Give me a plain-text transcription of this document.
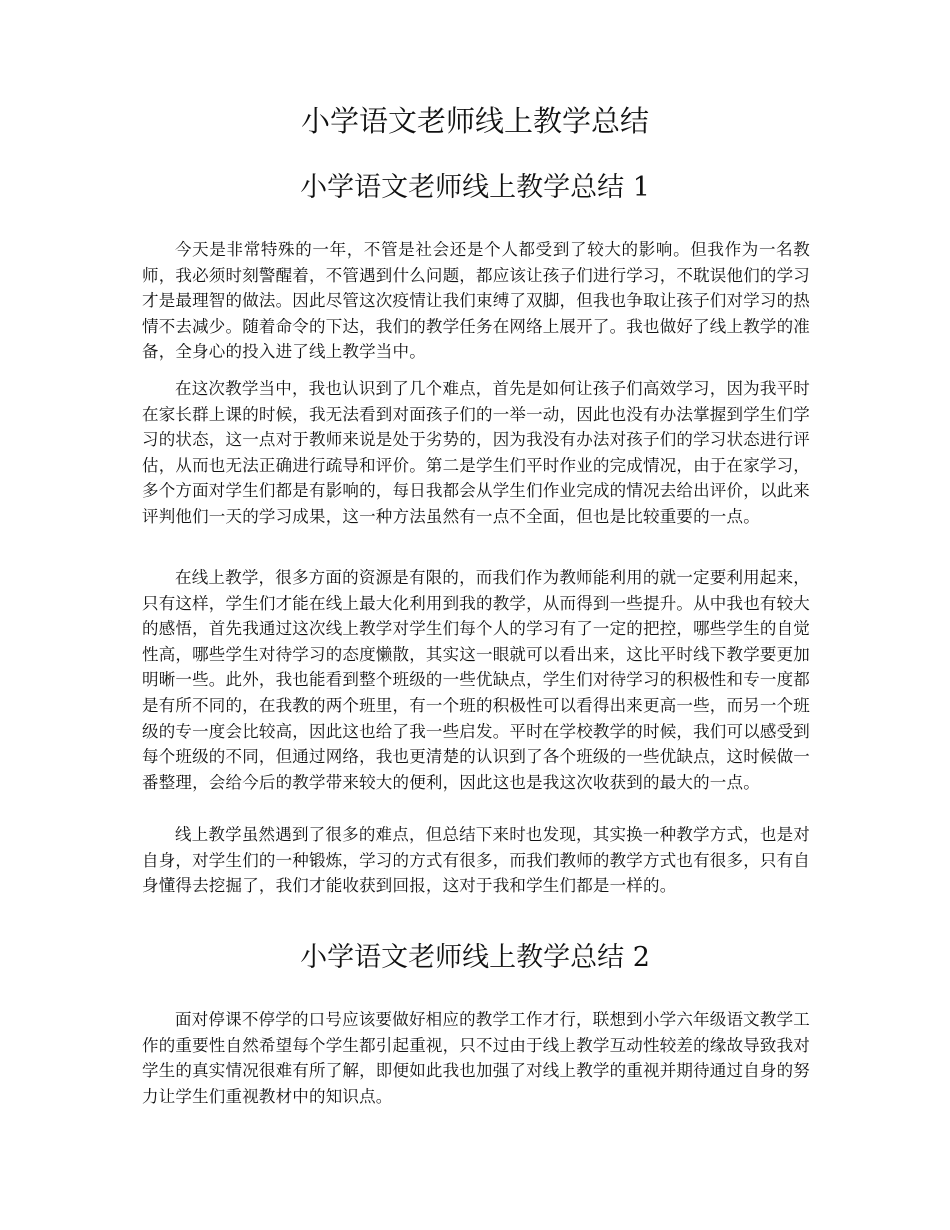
小学语文老师线上教学总结
小学语文老师线上教学总结 1

今天是非常特殊的一年，不管是社会还是个人都受到了较大的影响。但我作为一名教师，我必须时刻警醒着，不管遇到什么问题，都应该让孩子们进行学习，不耽误他们的学习才是最理智的做法。因此尽管这次疫情让我们束缚了双脚，但我也争取让孩子们对学习的热情不去减少。随着命令的下达，我们的教学任务在网络上展开了。我也做好了线上教学的准备，全身心的投入进了线上教学当中。

在这次教学当中，我也认识到了几个难点，首先是如何让孩子们高效学习，因为我平时在家长群上课的时候，我无法看到对面孩子们的一举一动，因此也没有办法掌握到学生们学习的状态，这一点对于教师来说是处于劣势的，因为我没有办法对孩子们的学习状态进行评估，从而也无法正确进行疏导和评价。第二是学生们平时作业的完成情况，由于在家学习，多个方面对学生们都是有影响的，每日我都会从学生们作业完成的情况去给出评价，以此来评判他们一天的学习成果，这一种方法虽然有一点不全面，但也是比较重要的一点。

在线上教学，很多方面的资源是有限的，而我们作为教师能利用的就一定要利用起来，只有这样，学生们才能在线上最大化利用到我的教学，从而得到一些提升。从中我也有较大的感悟，首先我通过这次线上教学对学生们每个人的学习有了一定的把控，哪些学生的自觉性高，哪些学生对待学习的态度懒散，其实这一眼就可以看出来，这比平时线下教学要更加明晰一些。此外，我也能看到整个班级的一些优缺点，学生们对待学习的积极性和专一度都是有所不同的，在我教的两个班里，有一个班的积极性可以看得出来更高一些，而另一个班级的专一度会比较高，因此这也给了我一些启发。平时在学校教学的时候，我们可以感受到每个班级的不同，但通过网络，我也更清楚的认识到了各个班级的一些优缺点，这时候做一番整理，会给今后的教学带来较大的便利，因此这也是我这次收获到的最大的一点。

线上教学虽然遇到了很多的难点，但总结下来时也发现，其实换一种教学方式，也是对自身，对学生们的一种锻炼，学习的方式有很多，而我们教师的教学方式也有很多，只有自身懂得去挖掘了，我们才能收获到回报，这对于我和学生们都是一样的。

小学语文老师线上教学总结 2

面对停课不停学的口号应该要做好相应的教学工作才行，联想到小学六年级语文教学工作的重要性自然希望每个学生都引起重视，只不过由于线上教学互动性较差的缘故导致我对学生的真实情况很难有所了解，即便如此我也加强了对线上教学的重视并期待通过自身的努力让学生们重视教材中的知识点。
